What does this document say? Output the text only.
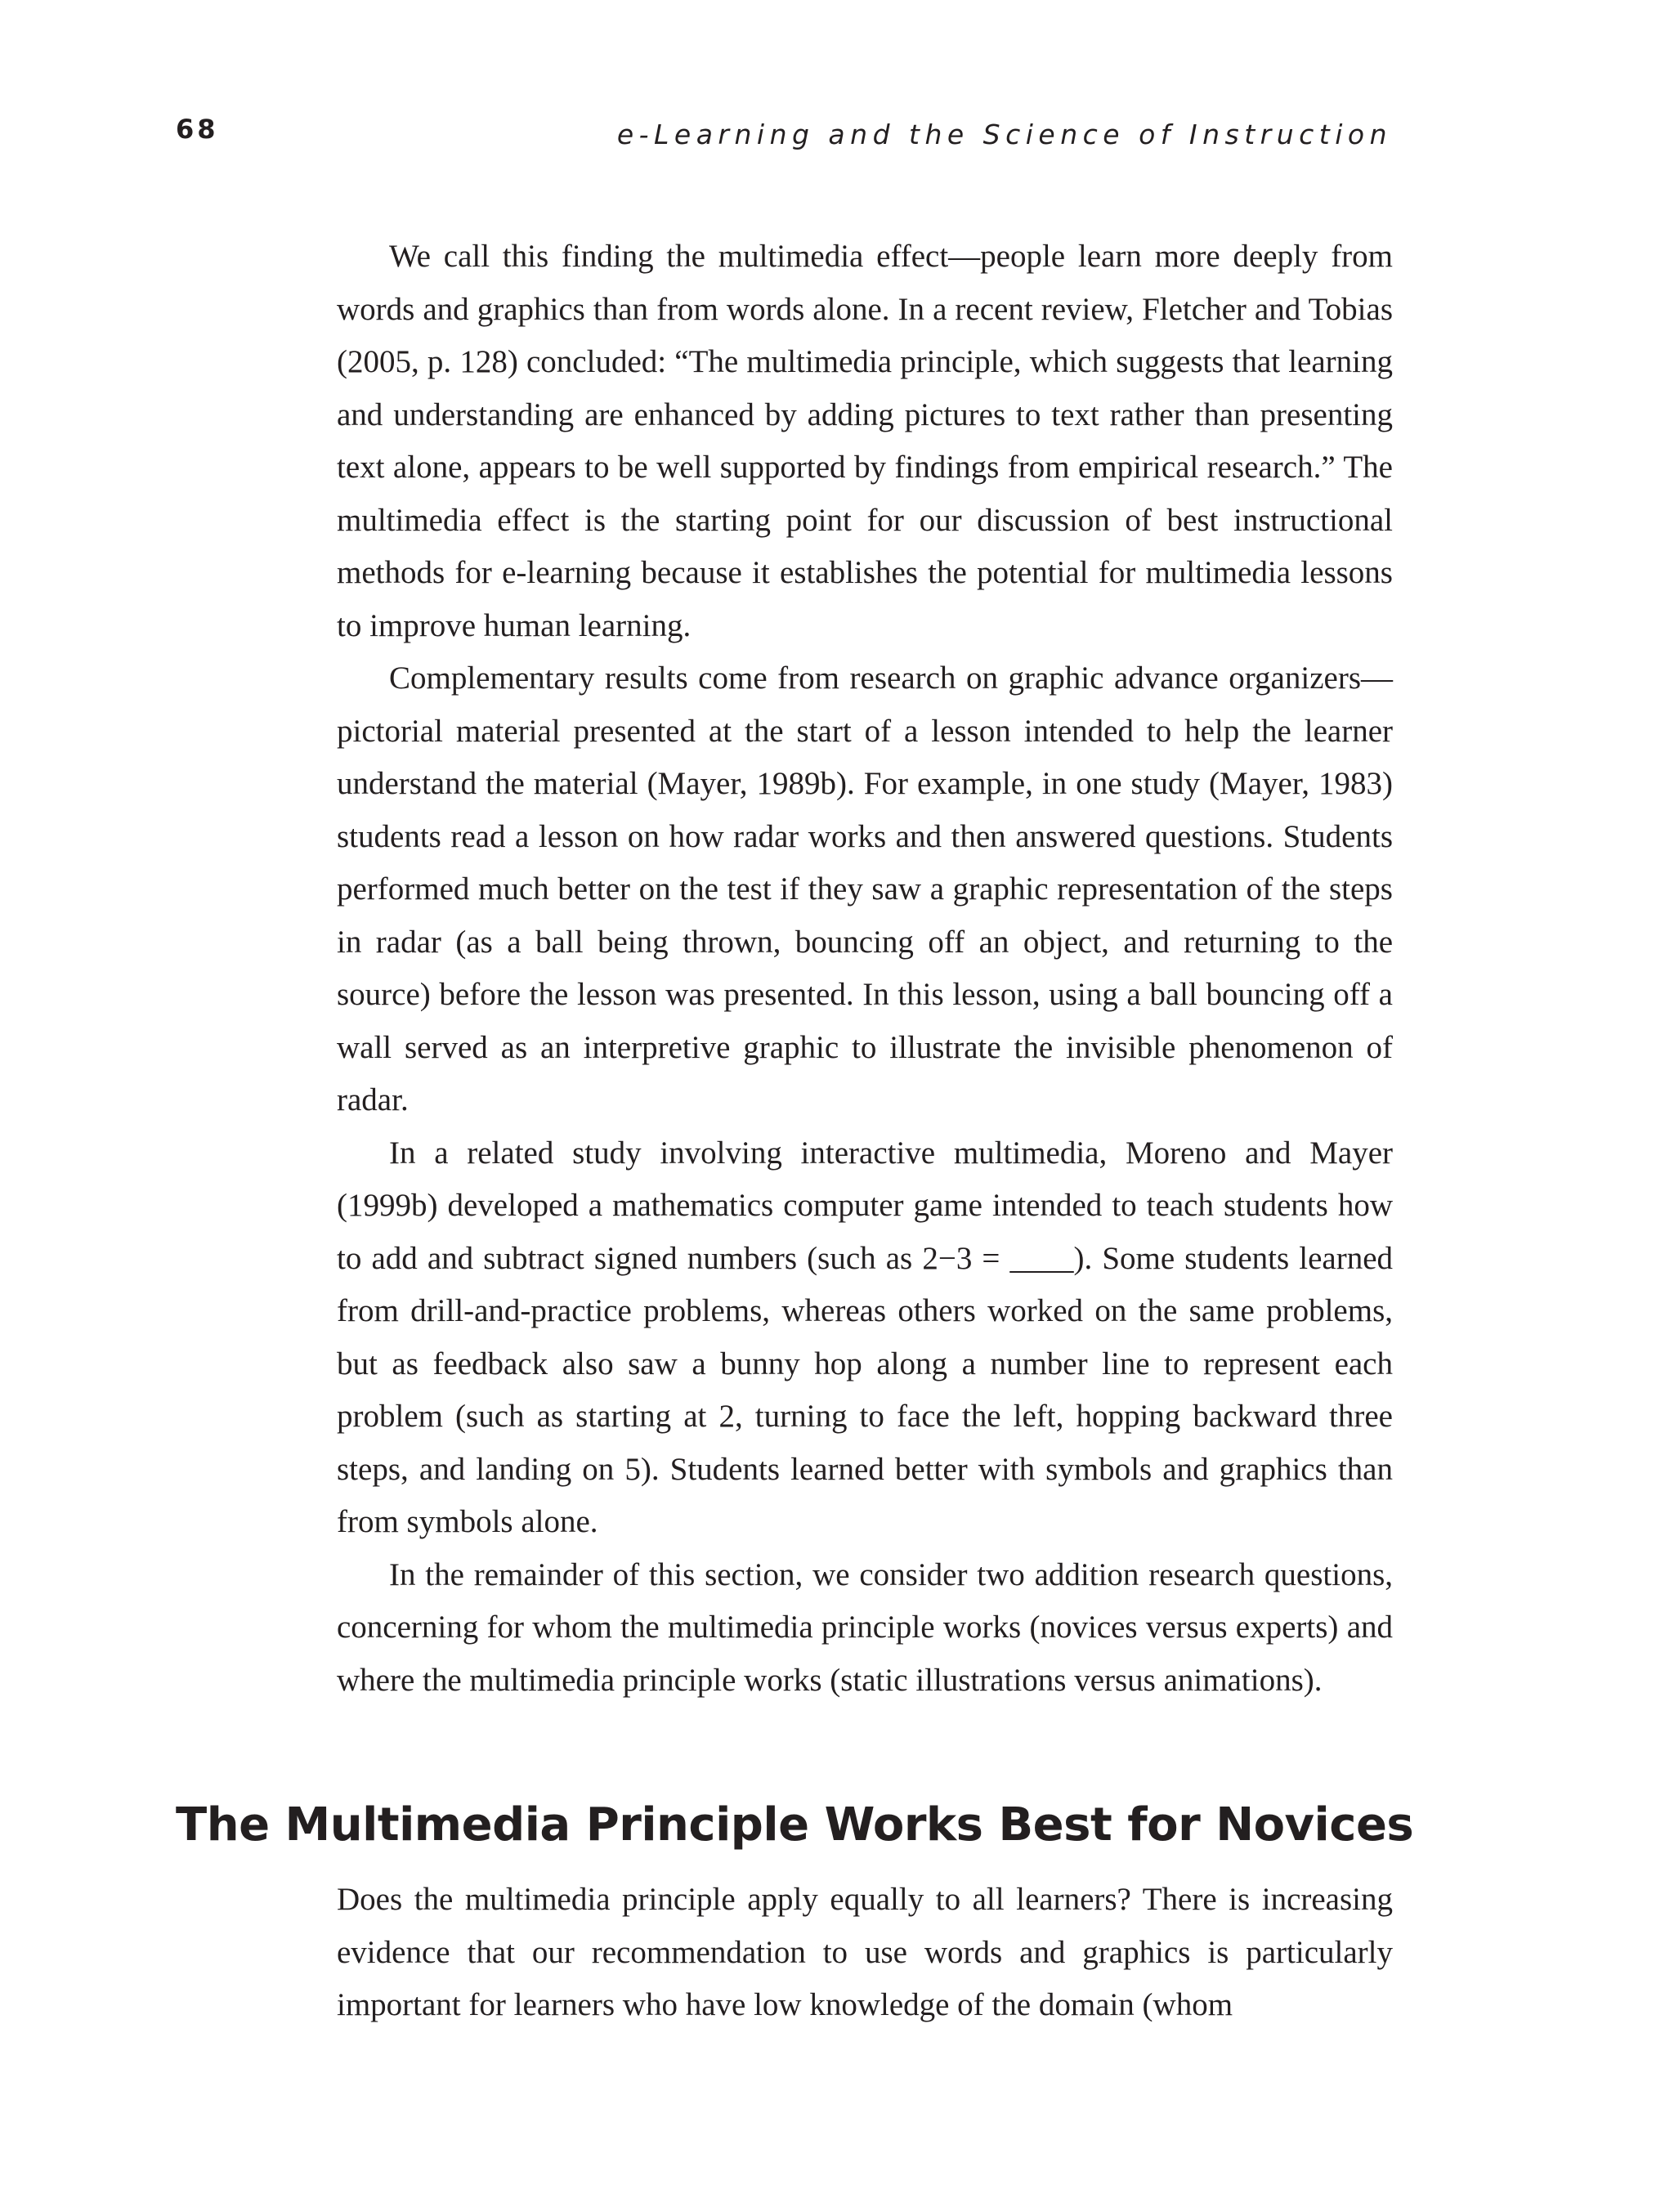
68	e-Learning and the Science of Instruction

We call this finding the multimedia effect—people learn more deeply from words and graphics than from words alone. In a recent review, Fletcher and Tobias (2005, p. 128) concluded: “The multimedia principle, which suggests that learning and understanding are enhanced by adding pictures to text rather than presenting text alone, appears to be well supported by findings from empirical research.” The multimedia effect is the starting point for our discussion of best instructional methods for e-learning because it establishes the potential for multimedia lessons to improve human learning.

Complementary results come from research on graphic advance organizers—pictorial material presented at the start of a lesson intended to help the learner understand the material (Mayer, 1989b). For example, in one study (Mayer, 1983) students read a lesson on how radar works and then answered questions. Students performed much better on the test if they saw a graphic representation of the steps in radar (as a ball being thrown, bouncing off an object, and returning to the source) before the lesson was presented. In this lesson, using a ball bouncing off a wall served as an interpretive graphic to illustrate the invisible phenomenon of radar.

In a related study involving interactive multimedia, Moreno and Mayer (1999b) developed a mathematics computer game intended to teach students how to add and subtract signed numbers (such as 2−3 = ____). Some students learned from drill-and-practice problems, whereas others worked on the same problems, but as feedback also saw a bunny hop along a number line to represent each problem (such as starting at 2, turning to face the left, hopping backward three steps, and landing on 5). Students learned better with symbols and graphics than from symbols alone.

In the remainder of this section, we consider two addition research questions, concerning for whom the multimedia principle works (novices versus experts) and where the multimedia principle works (static illustrations versus animations).

The Multimedia Principle Works Best for Novices

Does the multimedia principle apply equally to all learners? There is increasing evidence that our recommendation to use words and graphics is particularly important for learners who have low knowledge of the domain (whom
